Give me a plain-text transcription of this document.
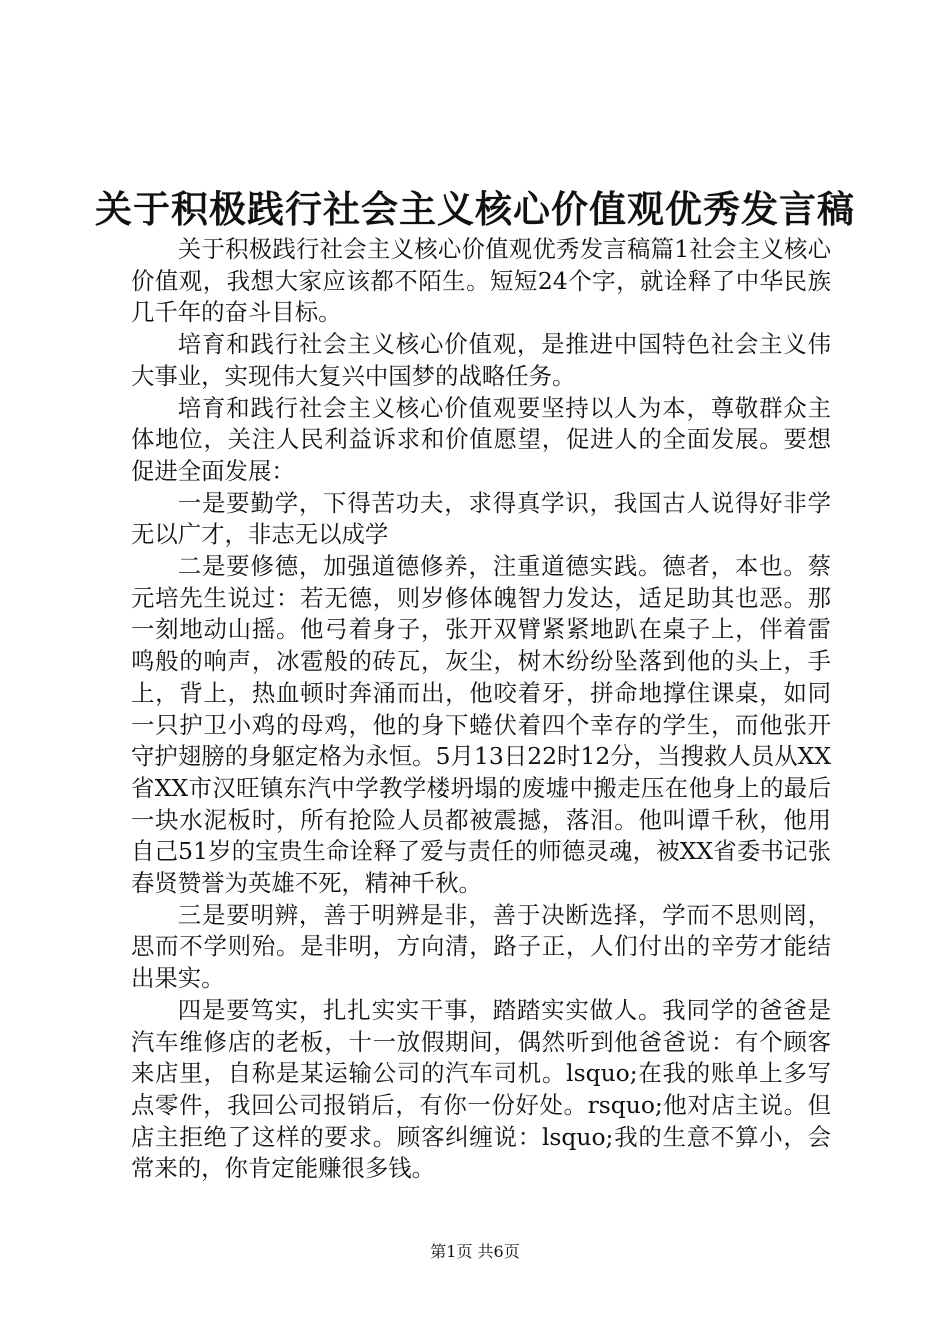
关于积极践行社会主义核心价值观优秀发言稿

关于积极践行社会主义核心价值观优秀发言稿篇1社会主义核心价值观，我想大家应该都不陌生。短短24个字，就诠释了中华民族几千年的奋斗目标。

培育和践行社会主义核心价值观，是推进中国特色社会主义伟大事业，实现伟大复兴中国梦的战略任务。

培育和践行社会主义核心价值观要坚持以人为本，尊敬群众主体地位，关注人民利益诉求和价值愿望，促进人的全面发展。要想促进全面发展：

一是要勤学，下得苦功夫，求得真学识，我国古人说得好非学无以广才，非志无以成学

二是要修德，加强道德修养，注重道德实践。德者，本也。蔡元培先生说过：若无德，则岁修体魄智力发达，适足助其也恶。那一刻地动山摇。他弓着身子，张开双臂紧紧地趴在桌子上，伴着雷鸣般的响声，冰雹般的砖瓦，灰尘，树木纷纷坠落到他的头上，手上，背上，热血顿时奔涌而出，他咬着牙，拼命地撑住课桌，如同一只护卫小鸡的母鸡，他的身下蜷伏着四个幸存的学生，而他张开守护翅膀的身躯定格为永恒。5月13日22时12分，当搜救人员从XX省XX市汉旺镇东汽中学教学楼坍塌的废墟中搬走压在他身上的最后一块水泥板时，所有抢险人员都被震撼，落泪。他叫谭千秋，他用自己51岁的宝贵生命诠释了爱与责任的师德灵魂，被XX省委书记张春贤赞誉为英雄不死，精神千秋。

三是要明辨，善于明辨是非，善于决断选择，学而不思则罔，思而不学则殆。是非明，方向清，路子正，人们付出的辛劳才能结出果实。

四是要笃实，扎扎实实干事，踏踏实实做人。我同学的爸爸是汽车维修店的老板，十一放假期间，偶然听到他爸爸说：有个顾客来店里，自称是某运输公司的汽车司机。lsquo;在我的账单上多写点零件，我回公司报销后，有你一份好处。rsquo;他对店主说。但店主拒绝了这样的要求。顾客纠缠说：lsquo;我的生意不算小，会常来的，你肯定能赚很多钱。

第1页 共6页
